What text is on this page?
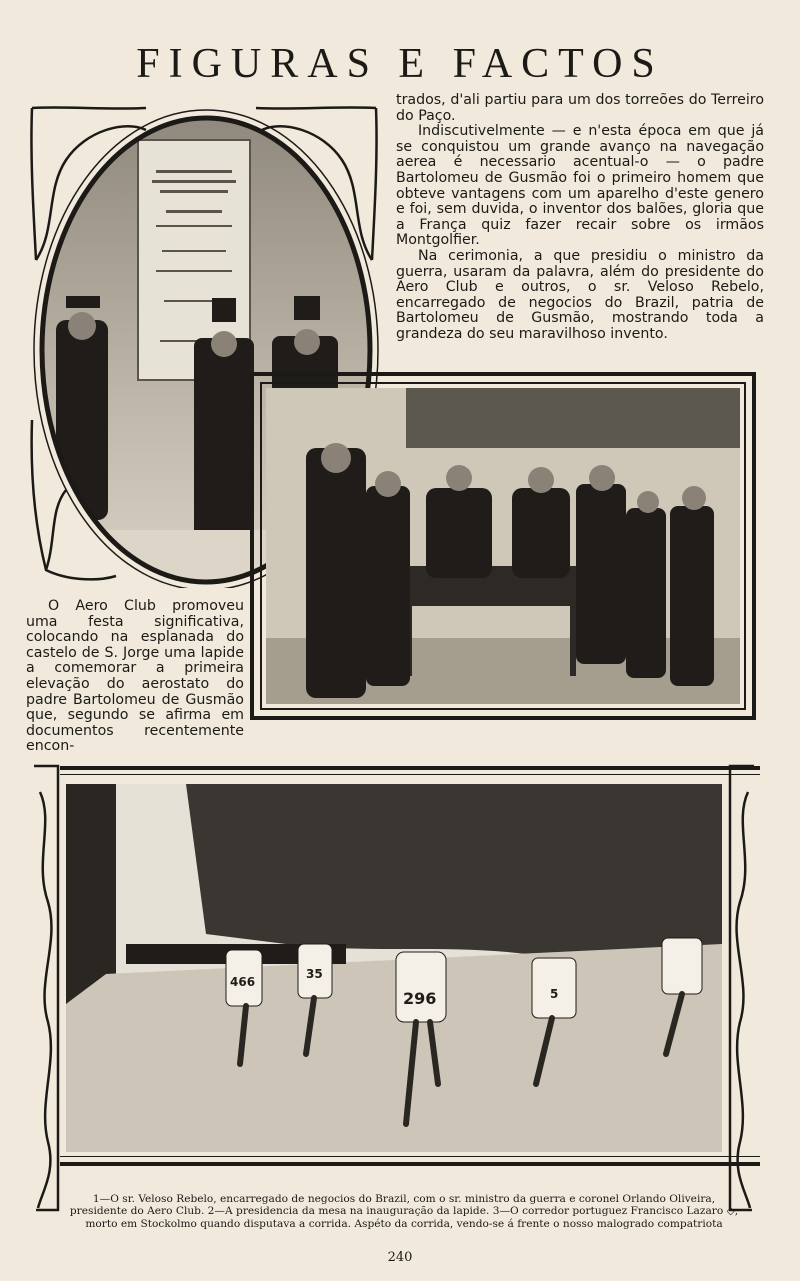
FIGURAS E FACTOS

trados, d'ali partiu para um dos torreões do Terreiro do Paço.

Indiscutivelmente — e n'esta época em que já se conquistou um grande avanço na navegação aerea é necessario acentual-o — o padre Bartolomeu de Gusmão foi o primeiro homem que obteve vantagens com um aparelho d'este genero e foi, sem duvida, o inventor dos balões, gloria que a França quiz fazer recair sobre os irmãos Montgolfier.

Na cerimonia, a que presidiu o ministro da guerra, usaram da palavra, além do presidente do Aero Club e outros, o sr. Veloso Rebelo, encarregado de negocios do Brazil, patria de Bartolomeu de Gusmão, mostrando toda a grandeza do seu maravilhoso invento.

O Aero Club promoveu uma festa significativa, colocando na esplanada do castelo de S. Jorge uma lapide a comemorar a primeira elevação do aerostato do padre Bartolomeu de Gusmão que, segundo se afirma em documentos recentemente encon-

296
466
35
5
1—O sr. Veloso Rebelo, encarregado de negocios do Brazil, com o sr. ministro da guerra e coronel Orlando Oliveira, presidente do Aero Club. 2—A presidencia da mesa na inauguração da lapide. 3—O corredor portuguez Francisco Lazaro ◇, morto em Stockolmo quando disputava a corrida. Aspéto da corrida, vendo-se á frente o nosso malogrado compatriota
240
